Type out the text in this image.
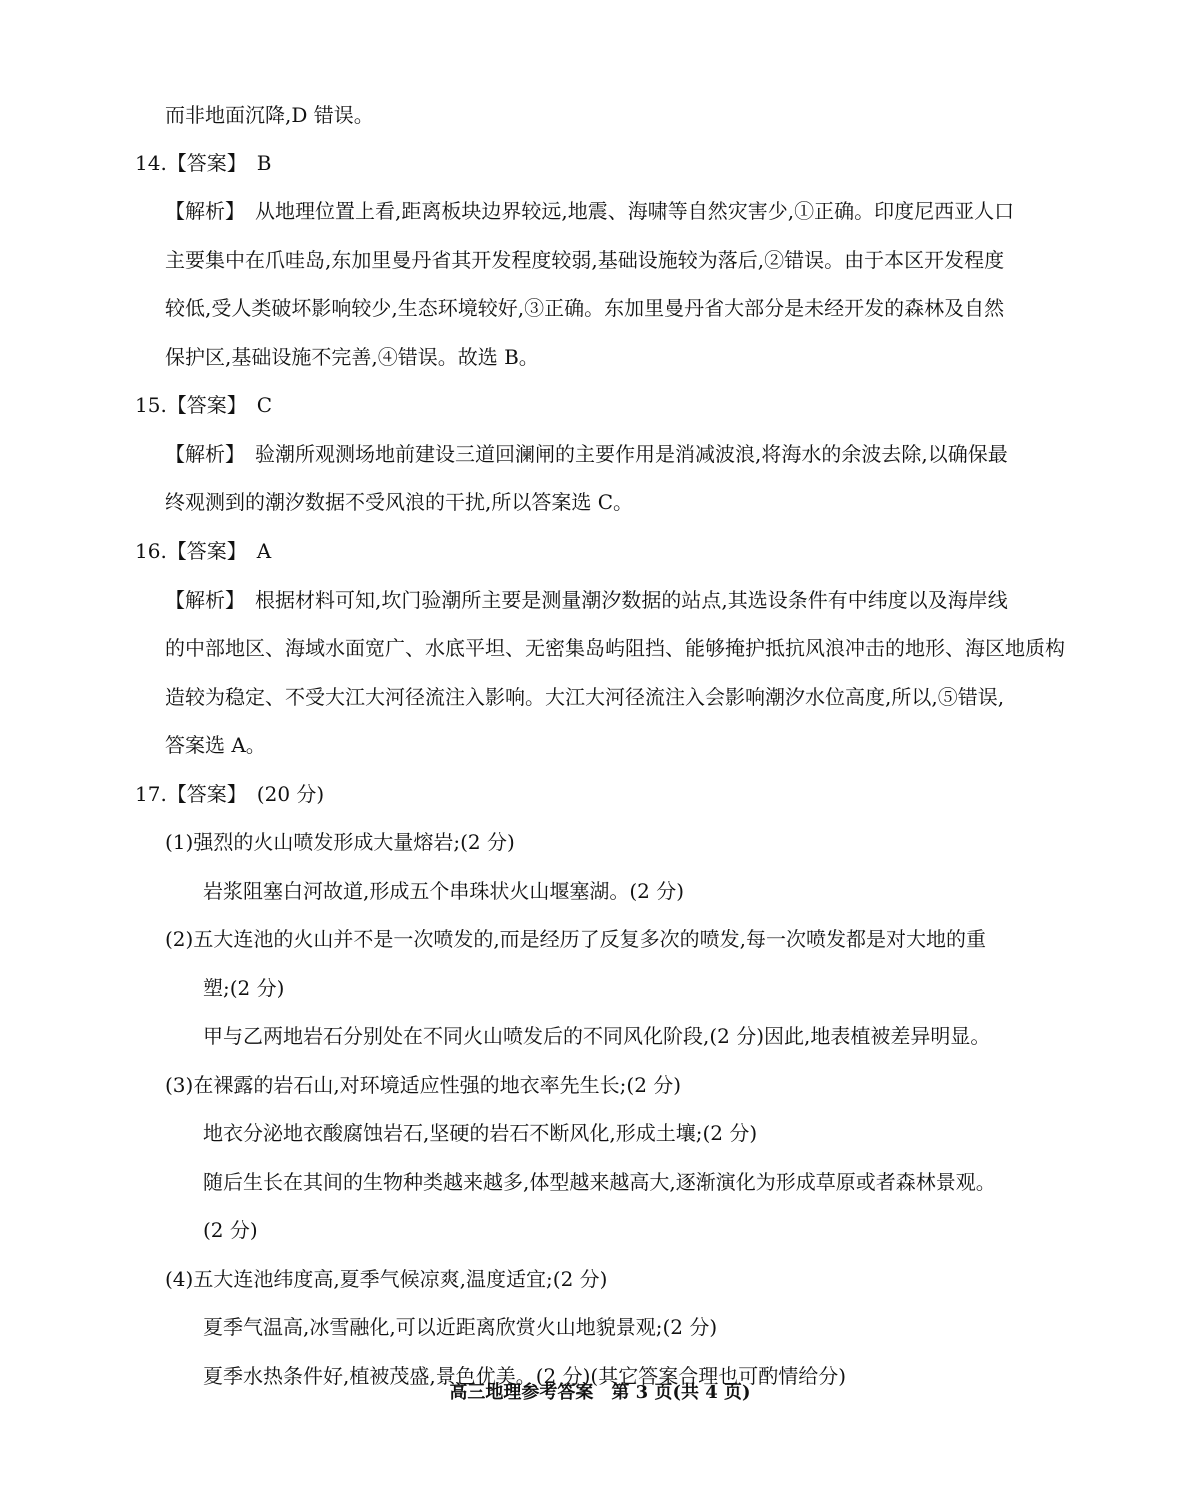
而非地面沉降,D 错误。
14.【答案】　B
【解析】　从地理位置上看,距离板块边界较远,地震、海啸等自然灾害少,①正确。印度尼西亚人口
主要集中在爪哇岛,东加里曼丹省其开发程度较弱,基础设施较为落后,②错误。由于本区开发程度
较低,受人类破坏影响较少,生态环境较好,③正确。东加里曼丹省大部分是未经开发的森林及自然
保护区,基础设施不完善,④错误。故选 B。
15.【答案】　C
【解析】　验潮所观测场地前建设三道回澜闸的主要作用是消减波浪,将海水的余波去除,以确保最
终观测到的潮汐数据不受风浪的干扰,所以答案选 C。
16.【答案】　A
【解析】　根据材料可知,坎门验潮所主要是测量潮汐数据的站点,其选设条件有中纬度以及海岸线
的中部地区、海域水面宽广、水底平坦、无密集岛屿阻挡、能够掩护抵抗风浪冲击的地形、海区地质构
造较为稳定、不受大江大河径流注入影响。大江大河径流注入会影响潮汐水位高度,所以,⑤错误,
答案选 A。
17.【答案】　(20 分)
(1)强烈的火山喷发形成大量熔岩;(2 分)
岩浆阻塞白河故道,形成五个串珠状火山堰塞湖。(2 分)
(2)五大连池的火山并不是一次喷发的,而是经历了反复多次的喷发,每一次喷发都是对大地的重
塑;(2 分)
甲与乙两地岩石分别处在不同火山喷发后的不同风化阶段,(2 分)因此,地表植被差异明显。
(3)在裸露的岩石山,对环境适应性强的地衣率先生长;(2 分)
地衣分泌地衣酸腐蚀岩石,坚硬的岩石不断风化,形成土壤;(2 分)
随后生长在其间的生物种类越来越多,体型越来越高大,逐渐演化为形成草原或者森林景观。
(2 分)
(4)五大连池纬度高,夏季气候凉爽,温度适宜;(2 分)
夏季气温高,冰雪融化,可以近距离欣赏火山地貌景观;(2 分)
夏季水热条件好,植被茂盛,景色优美。(2 分)(其它答案合理也可酌情给分)
高三地理参考答案　第 3 页(共 4 页)
